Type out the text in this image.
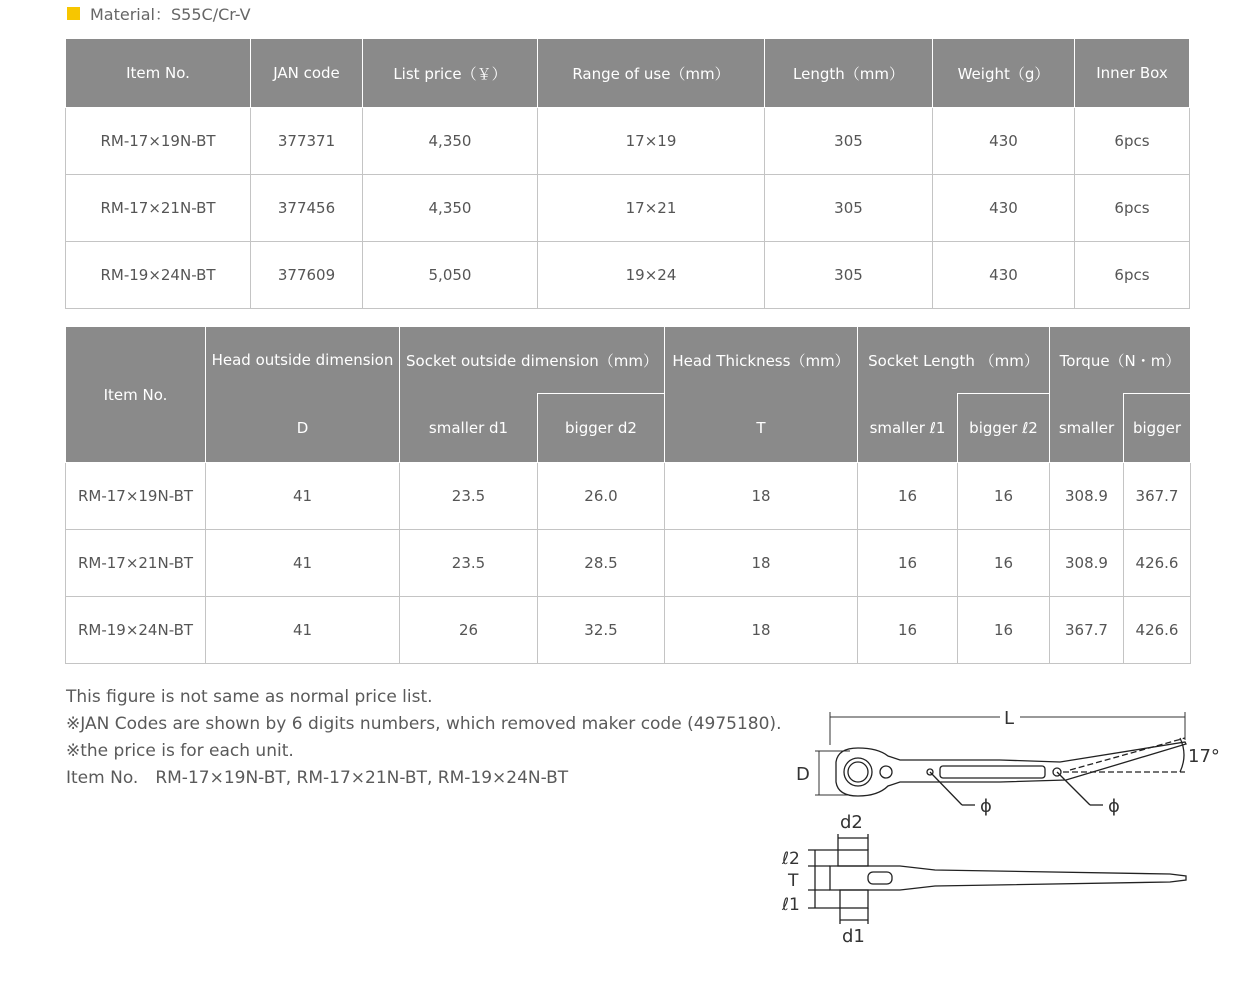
Material：S55C/Cr-V
Item No.	JAN code	List price（￥）	Range of use（mm）	Length（mm）	Weight（g）	Inner Box
RM-17×19N-BT	377371	4,350	17×19	305	430	6pcs
RM-17×21N-BT	377456	4,350	17×21	305	430	6pcs
RM-19×24N-BT	377609	5,050	19×24	305	430	6pcs
Item No.	Head outside dimension	Socket outside dimension（mm）		Head Thickness（mm）	Socket Length （mm）		Torque（N・m）	
	D	smaller d1	bigger d2	T	smaller ℓ1	bigger ℓ2	smaller	bigger
RM-17×19N-BT	41	23.5	26.0	18	16	16	308.9	367.7
RM-17×21N-BT	41	23.5	28.5	18	16	16	308.9	426.6
RM-19×24N-BT	41	26	32.5	18	16	16	367.7	426.6
This figure is not same as normal price list.
※JAN Codes are shown by 6 digits numbers, which removed maker code (4975180).
※the price is for each unit.
Item No.　RM-17×19N-BT, RM-17×21N-BT, RM-19×24N-BT
L
D
17°
ϕ	ϕ
d2
d1
ℓ2
T
ℓ1
